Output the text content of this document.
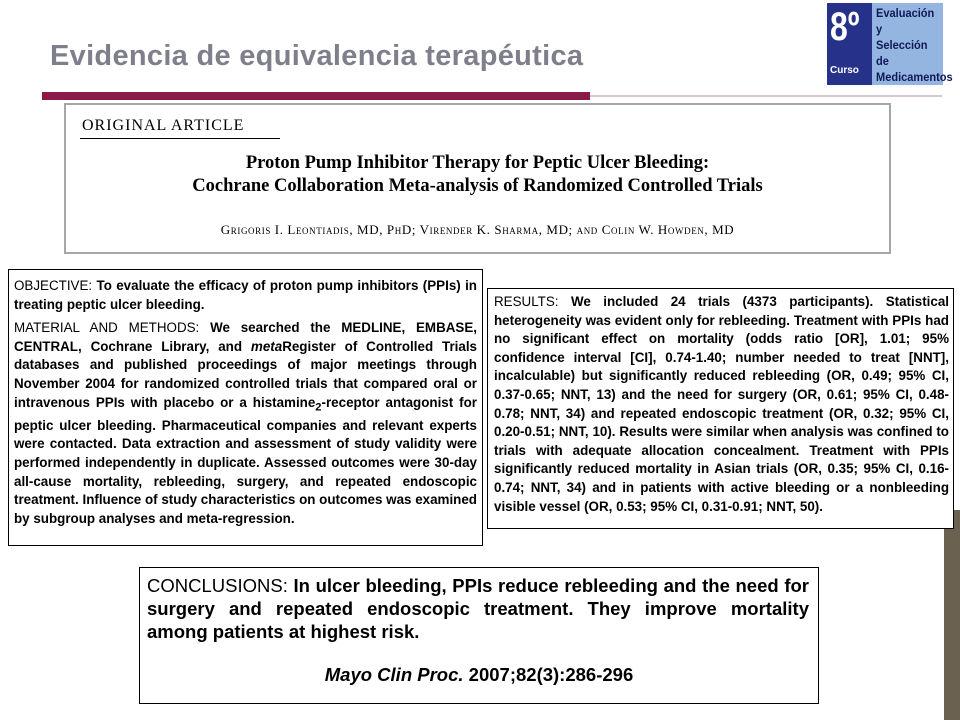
Evidencia de equivalencia terapéutica
8º
Curso
Evaluación y
Selección de
Medicamentos
ORIGINAL ARTICLE
Proton Pump Inhibitor Therapy for Peptic Ulcer Bleeding:
Cochrane Collaboration Meta-analysis of Randomized Controlled Trials
Grigoris I. Leontiadis, MD, PhD; Virender K. Sharma, MD; and Colin W. Howden, MD

OBJECTIVE: To evaluate the efficacy of proton pump inhibitors (PPIs) in treating peptic ulcer bleeding.

MATERIAL AND METHODS: We searched the MEDLINE, EMBASE, CENTRAL, Cochrane Library, and metaRegister of Controlled Trials databases and published proceedings of major meetings through November 2004 for randomized controlled trials that compared oral or intravenous PPIs with placebo or a histamine$_2$-receptor antagonist for peptic ulcer bleeding. Pharmaceutical companies and relevant experts were contacted. Data extraction and assessment of study validity were performed independently in duplicate. Assessed outcomes were 30-day all-cause mortality, rebleeding, surgery, and repeated endoscopic treatment. Influence of study characteristics on outcomes was examined by subgroup analyses and meta-regression.

RESULTS: We included 24 trials (4373 participants). Statistical heterogeneity was evident only for rebleeding. Treatment with PPIs had no significant effect on mortality (odds ratio [OR], 1.01; 95% confidence interval [CI], 0.74-1.40; number needed to treat [NNT], incalculable) but significantly reduced rebleeding (OR, 0.49; 95% CI, 0.37-0.65; NNT, 13) and the need for surgery (OR, 0.61; 95% CI, 0.48-0.78; NNT, 34) and repeated endoscopic treatment (OR, 0.32; 95% CI, 0.20-0.51; NNT, 10). Results were similar when analysis was confined to trials with adequate allocation concealment. Treatment with PPIs significantly reduced mortality in Asian trials (OR, 0.35; 95% CI, 0.16-0.74; NNT, 34) and in patients with active bleeding or a nonbleeding visible vessel (OR, 0.53; 95% CI, 0.31-0.91; NNT, 50).

CONCLUSIONS: In ulcer bleeding, PPIs reduce rebleeding and the need for surgery and repeated endoscopic treatment. They improve mortality among patients at highest risk.
Mayo Clin Proc. 2007;82(3):286-296
